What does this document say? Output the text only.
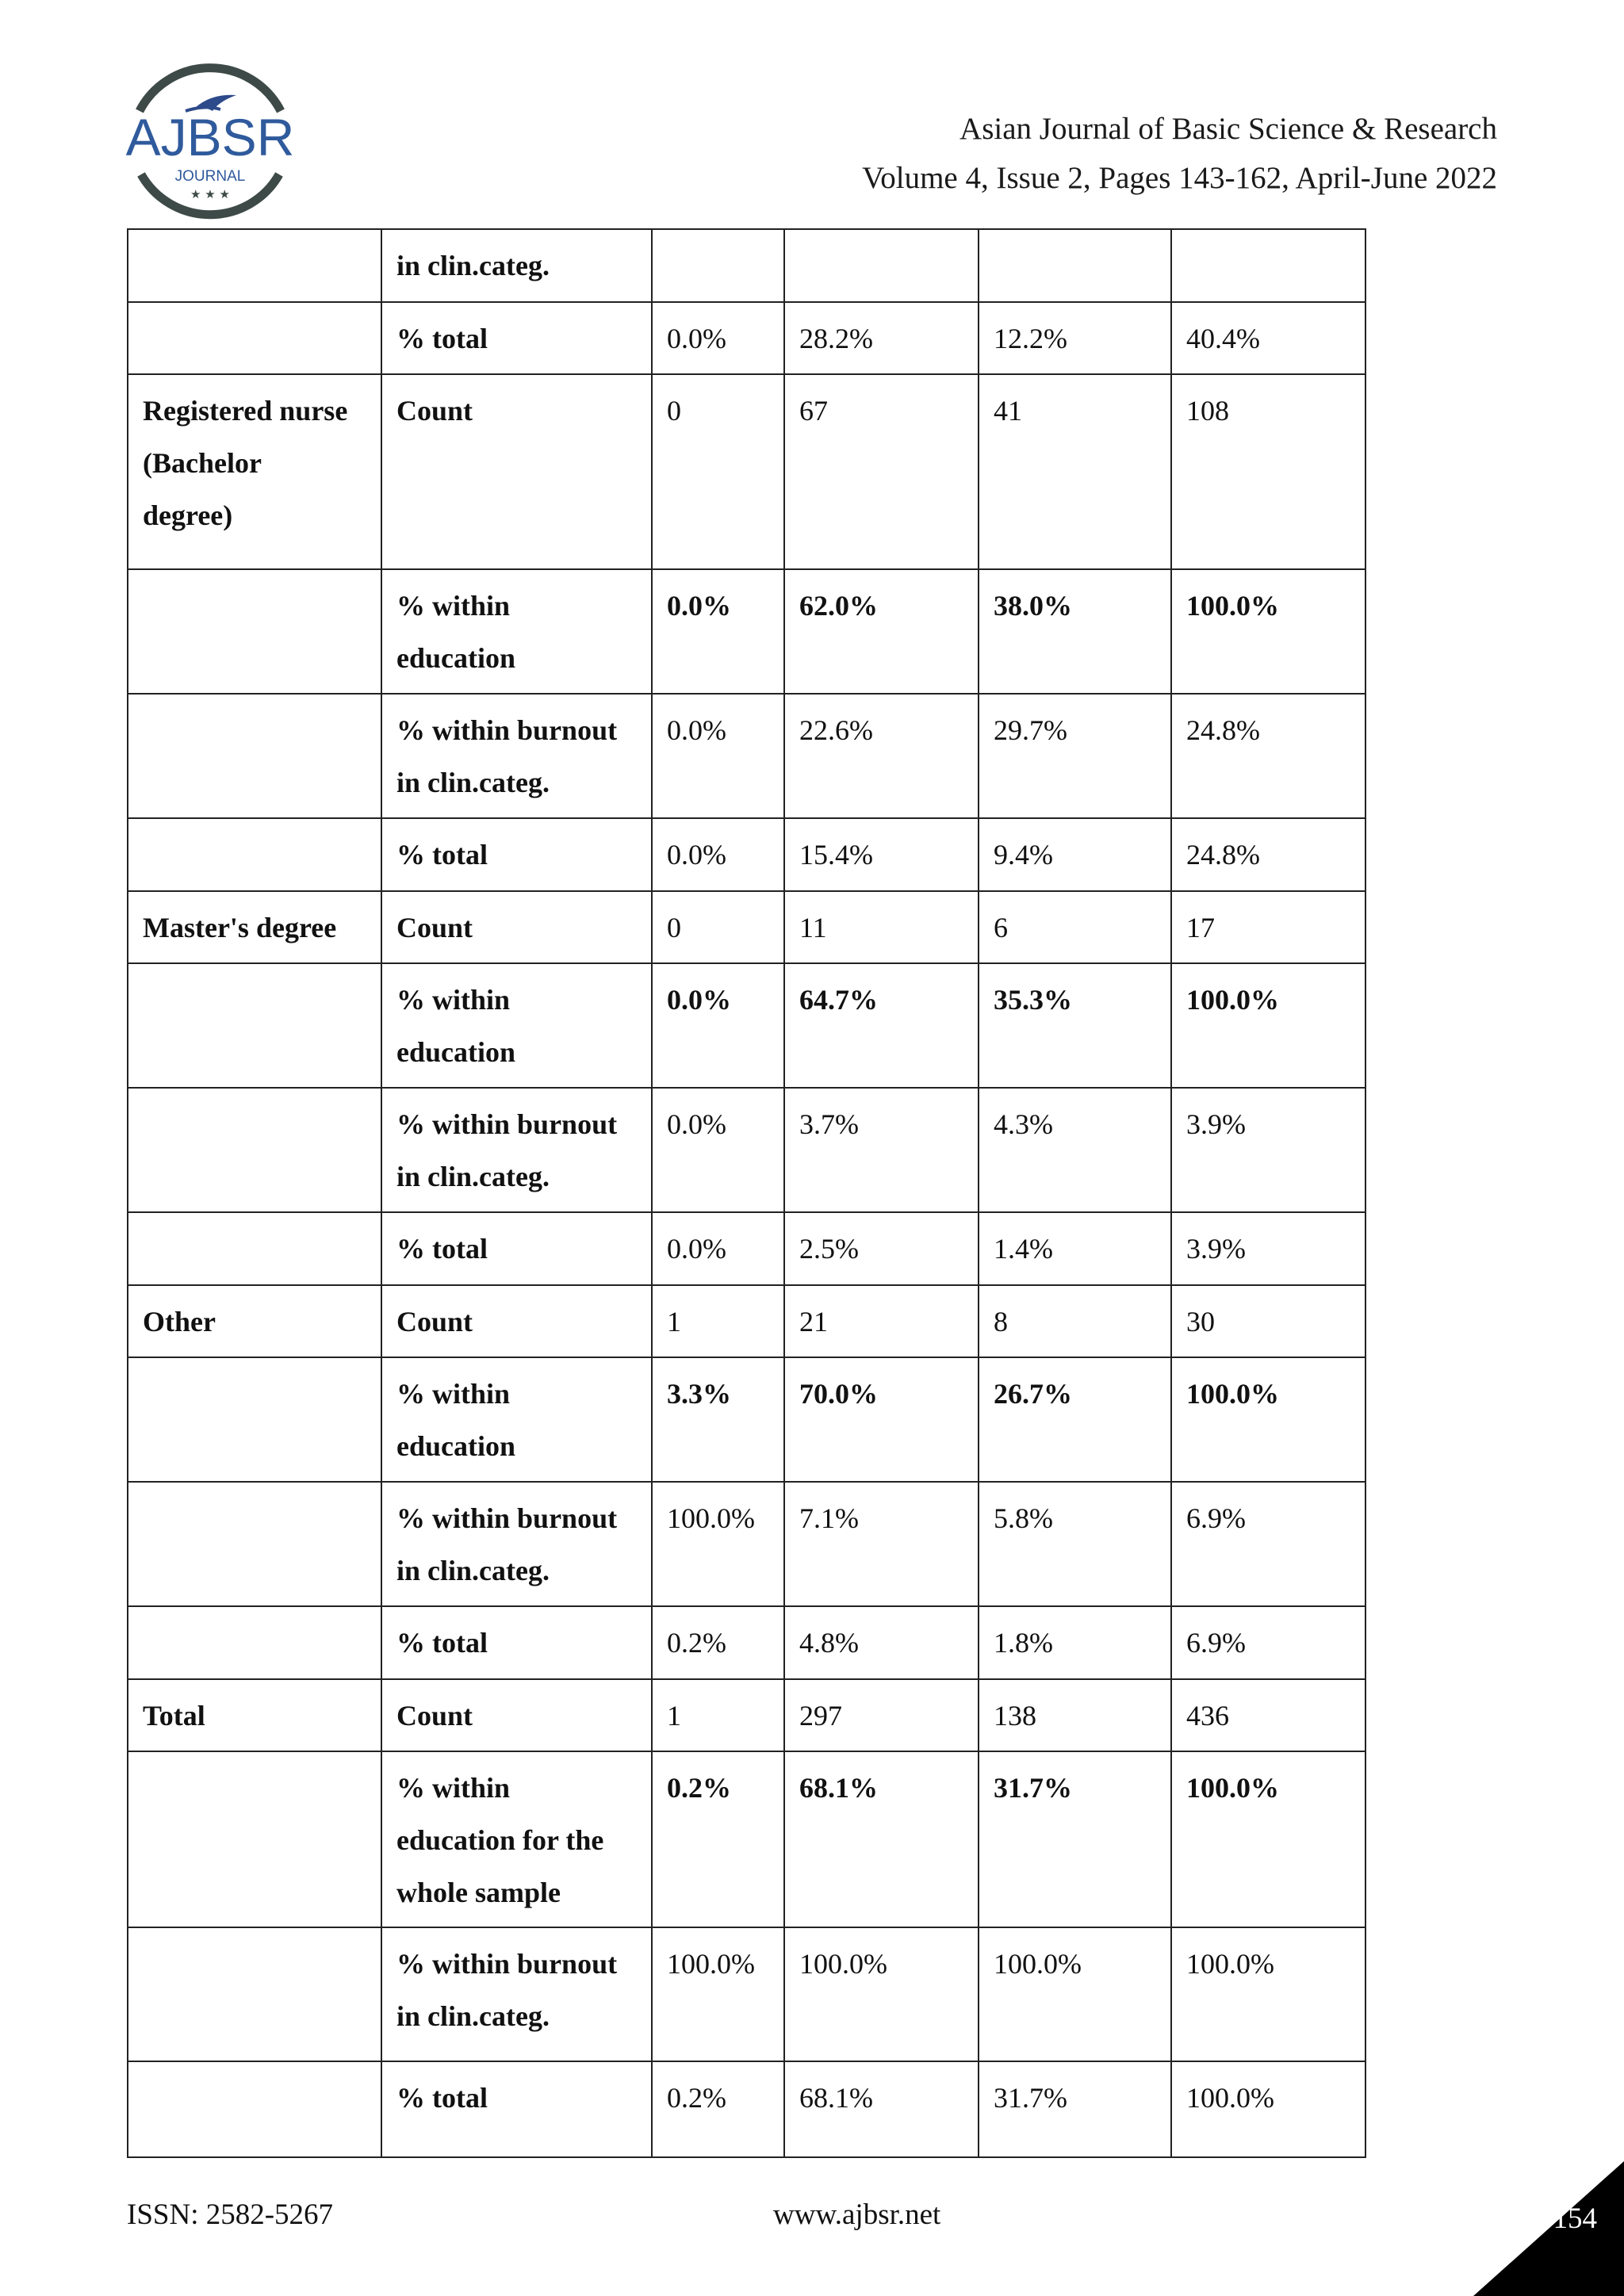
AJBSR
JOURNAL
★ ★ ★
Asian Journal of Basic Science & Research
Volume 4, Issue 2, Pages 143-162, April-June 2022
	in clin.categ.				
	% total	0.0%	28.2%	12.2%	40.4%
Registered nurse
(Bachelor
degree)	Count	0	67	41	108
	% within
education	0.0%	62.0%	38.0%	100.0%
	% within burnout
in clin.categ.	0.0%	22.6%	29.7%	24.8%
	% total	0.0%	15.4%	9.4%	24.8%
Master's degree	Count	0	11	6	17
	% within
education	0.0%	64.7%	35.3%	100.0%
	% within burnout
in clin.categ.	0.0%	3.7%	4.3%	3.9%
	% total	0.0%	2.5%	1.4%	3.9%
Other	Count	1	21	8	30
	% within
education	3.3%	70.0%	26.7%	100.0%
	% within burnout
in clin.categ.	100.0%	7.1%	5.8%	6.9%
	% total	0.2%	4.8%	1.8%	6.9%
Total	Count	1	297	138	436
	% within
education for the
whole sample	0.2%	68.1%	31.7%	100.0%
	% within burnout
in clin.categ.	100.0%	100.0%	100.0%	100.0%
	% total	0.2%	68.1%	31.7%	100.0%
ISSN: 2582-5267	www.ajbsr.net	154
